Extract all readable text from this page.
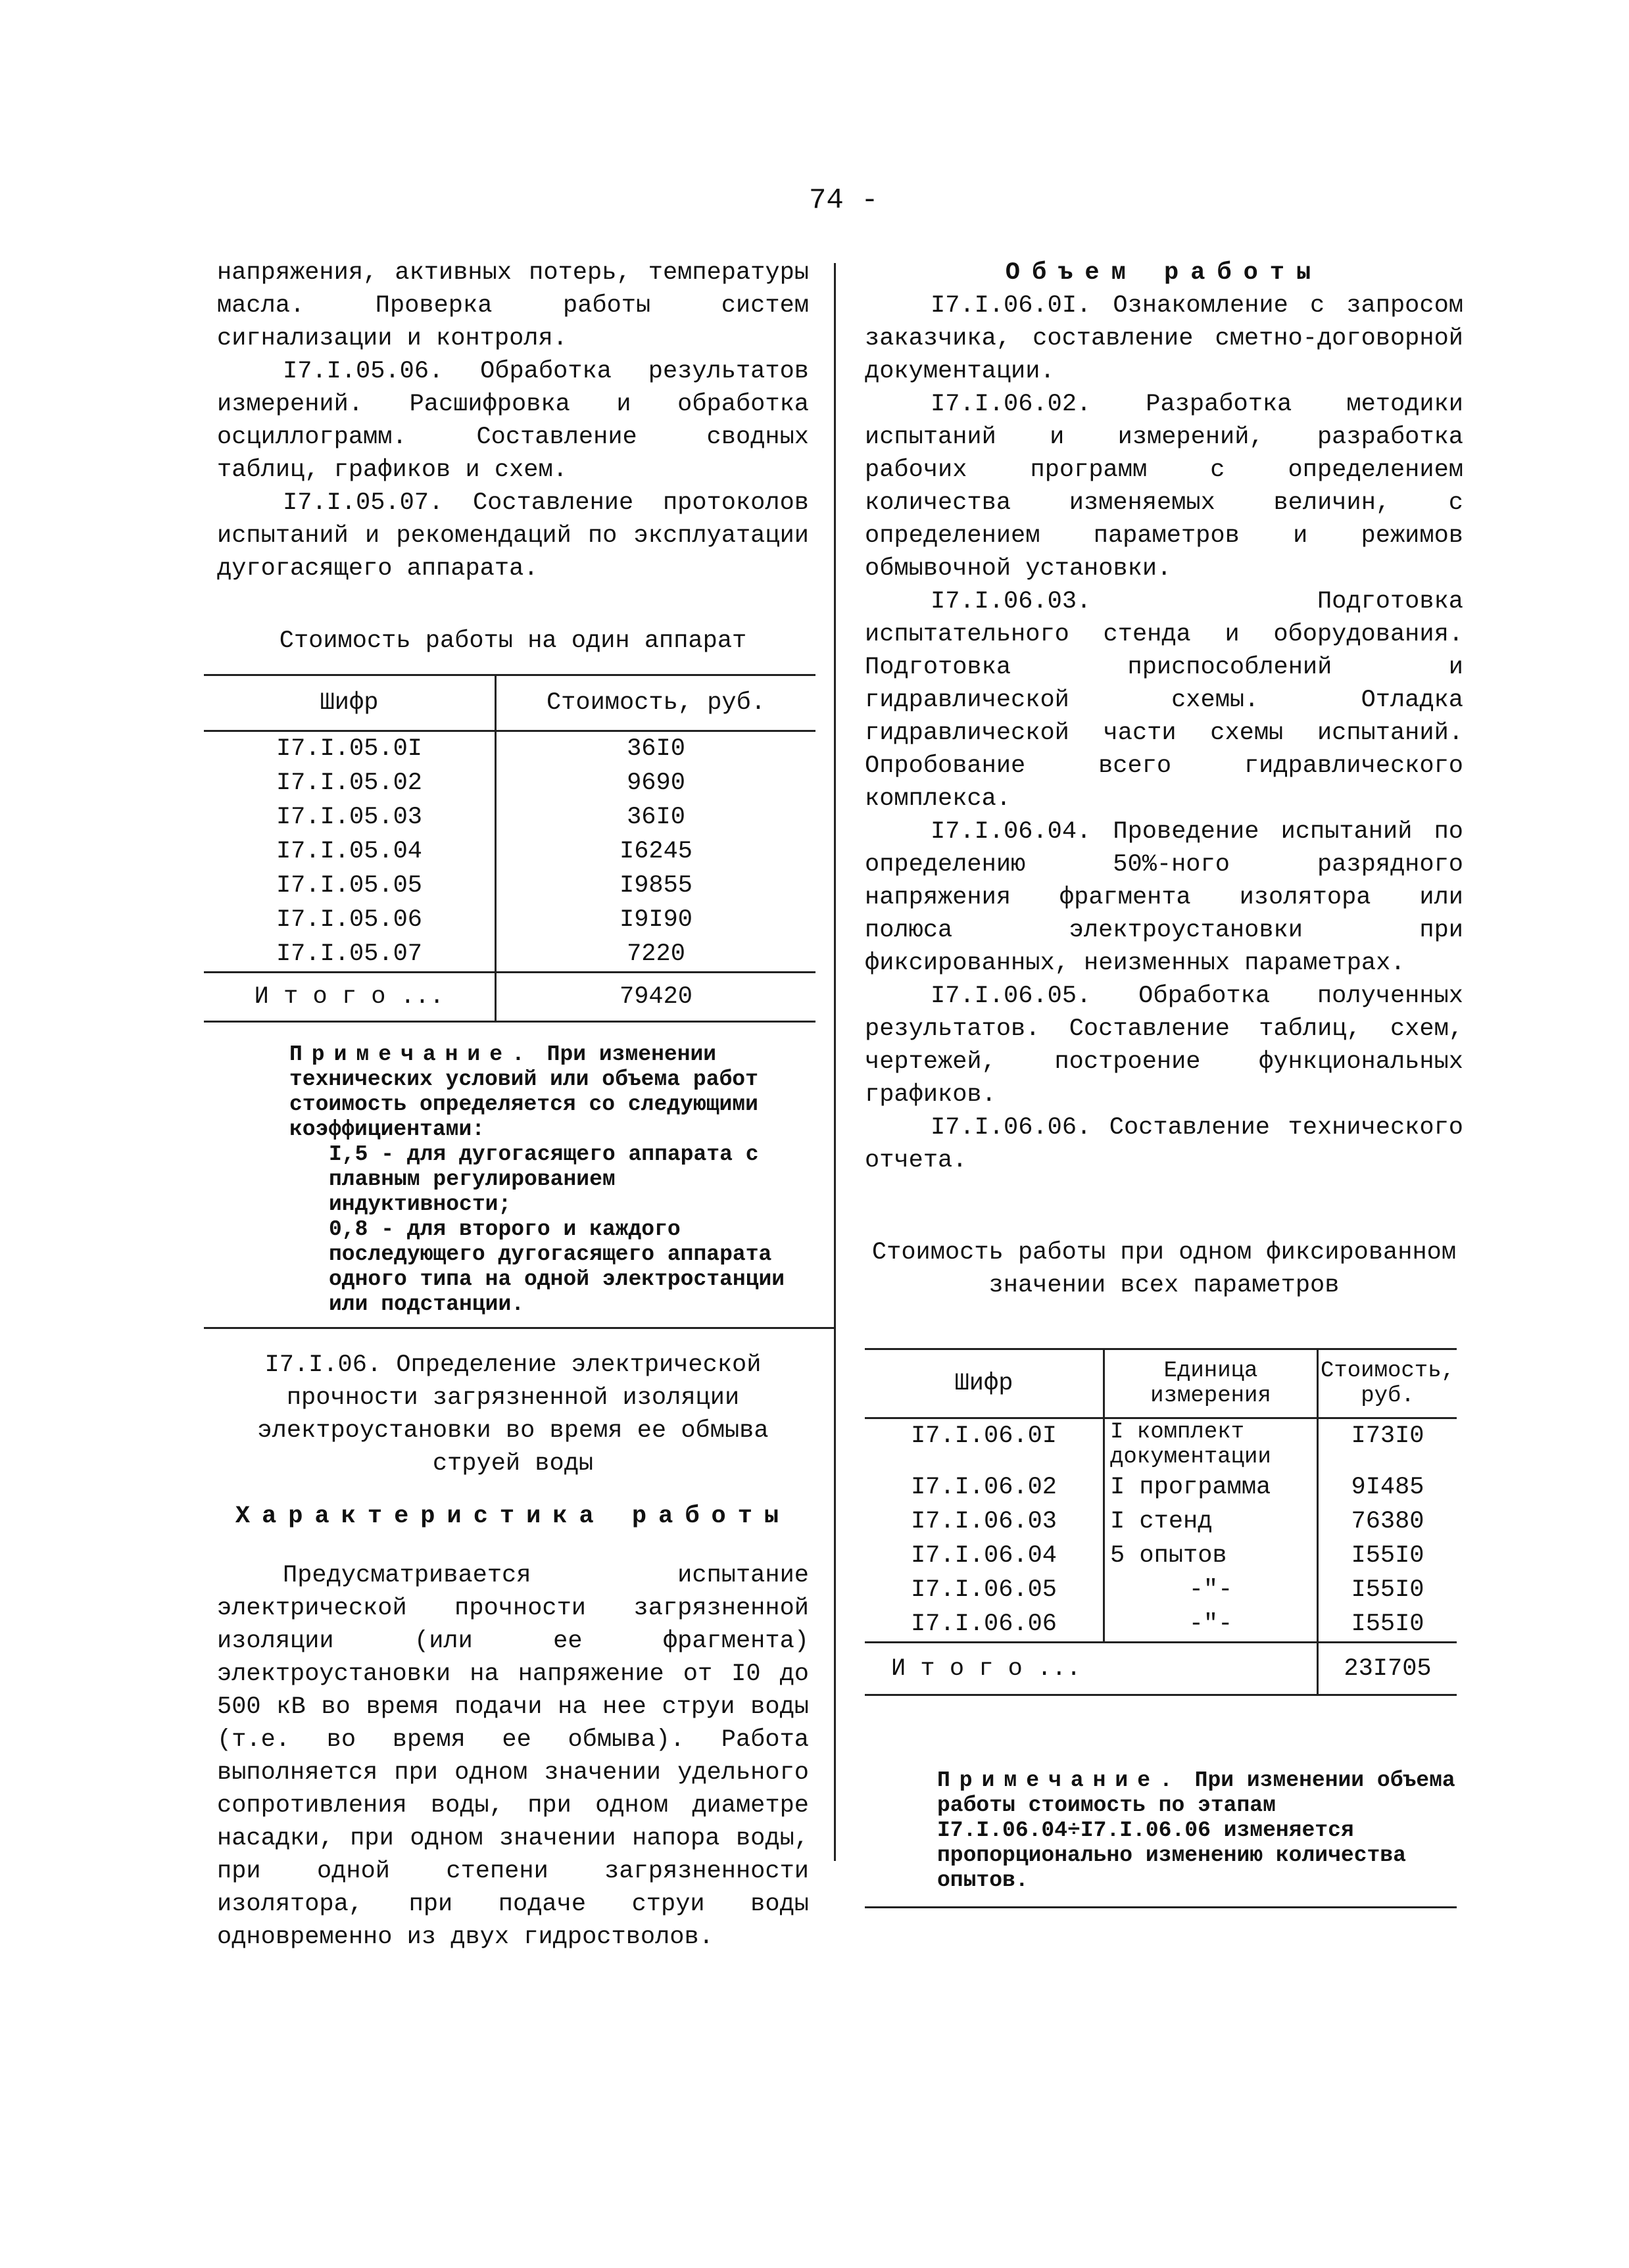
74 -

напряжения, активных потерь, температуры масла. Проверка работы систем сигнализации и контроля.

I7.I.05.06. Обработка результатов измерений. Расшифровка и обработка осциллограмм. Составление сводных таблиц, графиков и схем.

I7.I.05.07. Составление протоколов испытаний и рекомендаций по эксплуатации дугогасящего аппарата.

Стоимость работы на один аппарат

Шифр	Стоимость, руб.
I7.I.05.0I	36I0
I7.I.05.02	9690
I7.I.05.03	36I0
I7.I.05.04	I6245
I7.I.05.05	I9855
I7.I.05.06	I9I90
I7.I.05.07	7220
И т о г о ...	79420
Примечание. При изменении технических условий или объема работ стоимость определяется со следующими коэффициентами:
I,5 - для дугогасящего аппарата с плавным регулированием индуктивности;
0,8 - для второго и каждого последующего дугогасящего аппарата одного типа на одной электростанции или подстанции.

I7.I.06. Определение электрической прочности загрязненной изоляции электроустановки во время ее обмыва струей воды

Характеристика работы

Предусматривается испытание электрической прочности загрязненной изоляции (или ее фрагмента) электроустановки на напряжение от I0 до 500 кВ во время подачи на нее струи воды (т.е. во время ее обмыва). Работа выполняется при одном значении удельного сопротивления воды, при одном диаметре насадки, при одном значении напора воды, при одной степени загрязненности изолятора, при подаче струи воды одновременно из двух гидростволов.

Объем работы

I7.I.06.0I. Ознакомление с запросом заказчика, составление сметно-договорной документации.

I7.I.06.02. Разработка методики испытаний и измерений, разработка рабочих программ с определением количества изменяемых величин, с определением параметров и режимов обмывочной установки.

I7.I.06.03. Подготовка испытательного стенда и оборудования. Подготовка приспособлений и гидравлической схемы. Отладка гидравлической части схемы испытаний. Опробование всего гидравлического комплекса.

I7.I.06.04. Проведение испытаний по определению 50%-ного разрядного напряжения фрагмента изолятора или полюса электроустановки при фиксированных, неизменных параметрах.

I7.I.06.05. Обработка полученных результатов. Составление таблиц, схем, чертежей, построение функциональных графиков.

I7.I.06.06. Составление технического отчета.

Стоимость работы при одном фиксированном значении всех параметров

Шифр	Единица измерения	Стоимость, руб.
I7.I.06.0I	I комплект документации	I73I0
I7.I.06.02	I программа	9I485
I7.I.06.03	I стенд	76380
I7.I.06.04	5 опытов	I55I0
I7.I.06.05	-"-	I55I0
I7.I.06.06	-"-	I55I0
И т о г о ...		23I705
Примечание. При изменении объема работы стоимость по этапам I7.I.06.04÷I7.I.06.06 изменяется пропорционально изменению количества опытов.
